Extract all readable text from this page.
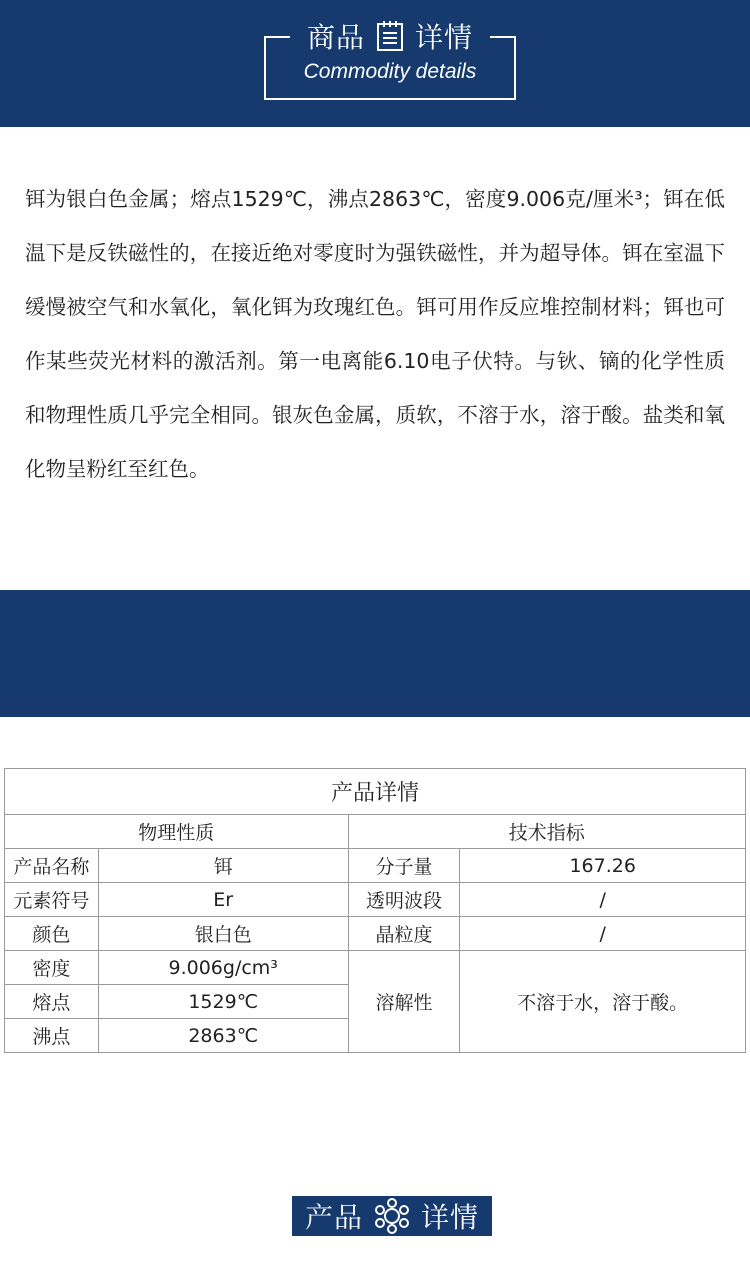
商品 详情
Commodity details
铒为银白色金属；熔点1529℃，沸点2863℃，密度9.006克/厘米³；铒在低温下是反铁磁性的，在接近绝对零度时为强铁磁性，并为超导体。铒在室温下缓慢被空气和水氧化，氧化铒为玫瑰红色。铒可用作反应堆控制材料；铒也可作某些荧光材料的激活剂。第一电离能6.10电子伏特。与钬、镝的化学性质和物理性质几乎完全相同。银灰色金属，质软，不溶于水，溶于酸。盐类和氧化物呈粉红至红色。
产品 详情
Chemical composition
产品详情			
物理性质		技术指标	
产品名称	铒	分子量	167.26
元素符号	Er	透明波段	/
颜色	银白色	晶粒度	/
密度	9.006g/cm³	溶解性	不溶于水，溶于酸。
熔点	1529℃		
沸点	2863℃		
